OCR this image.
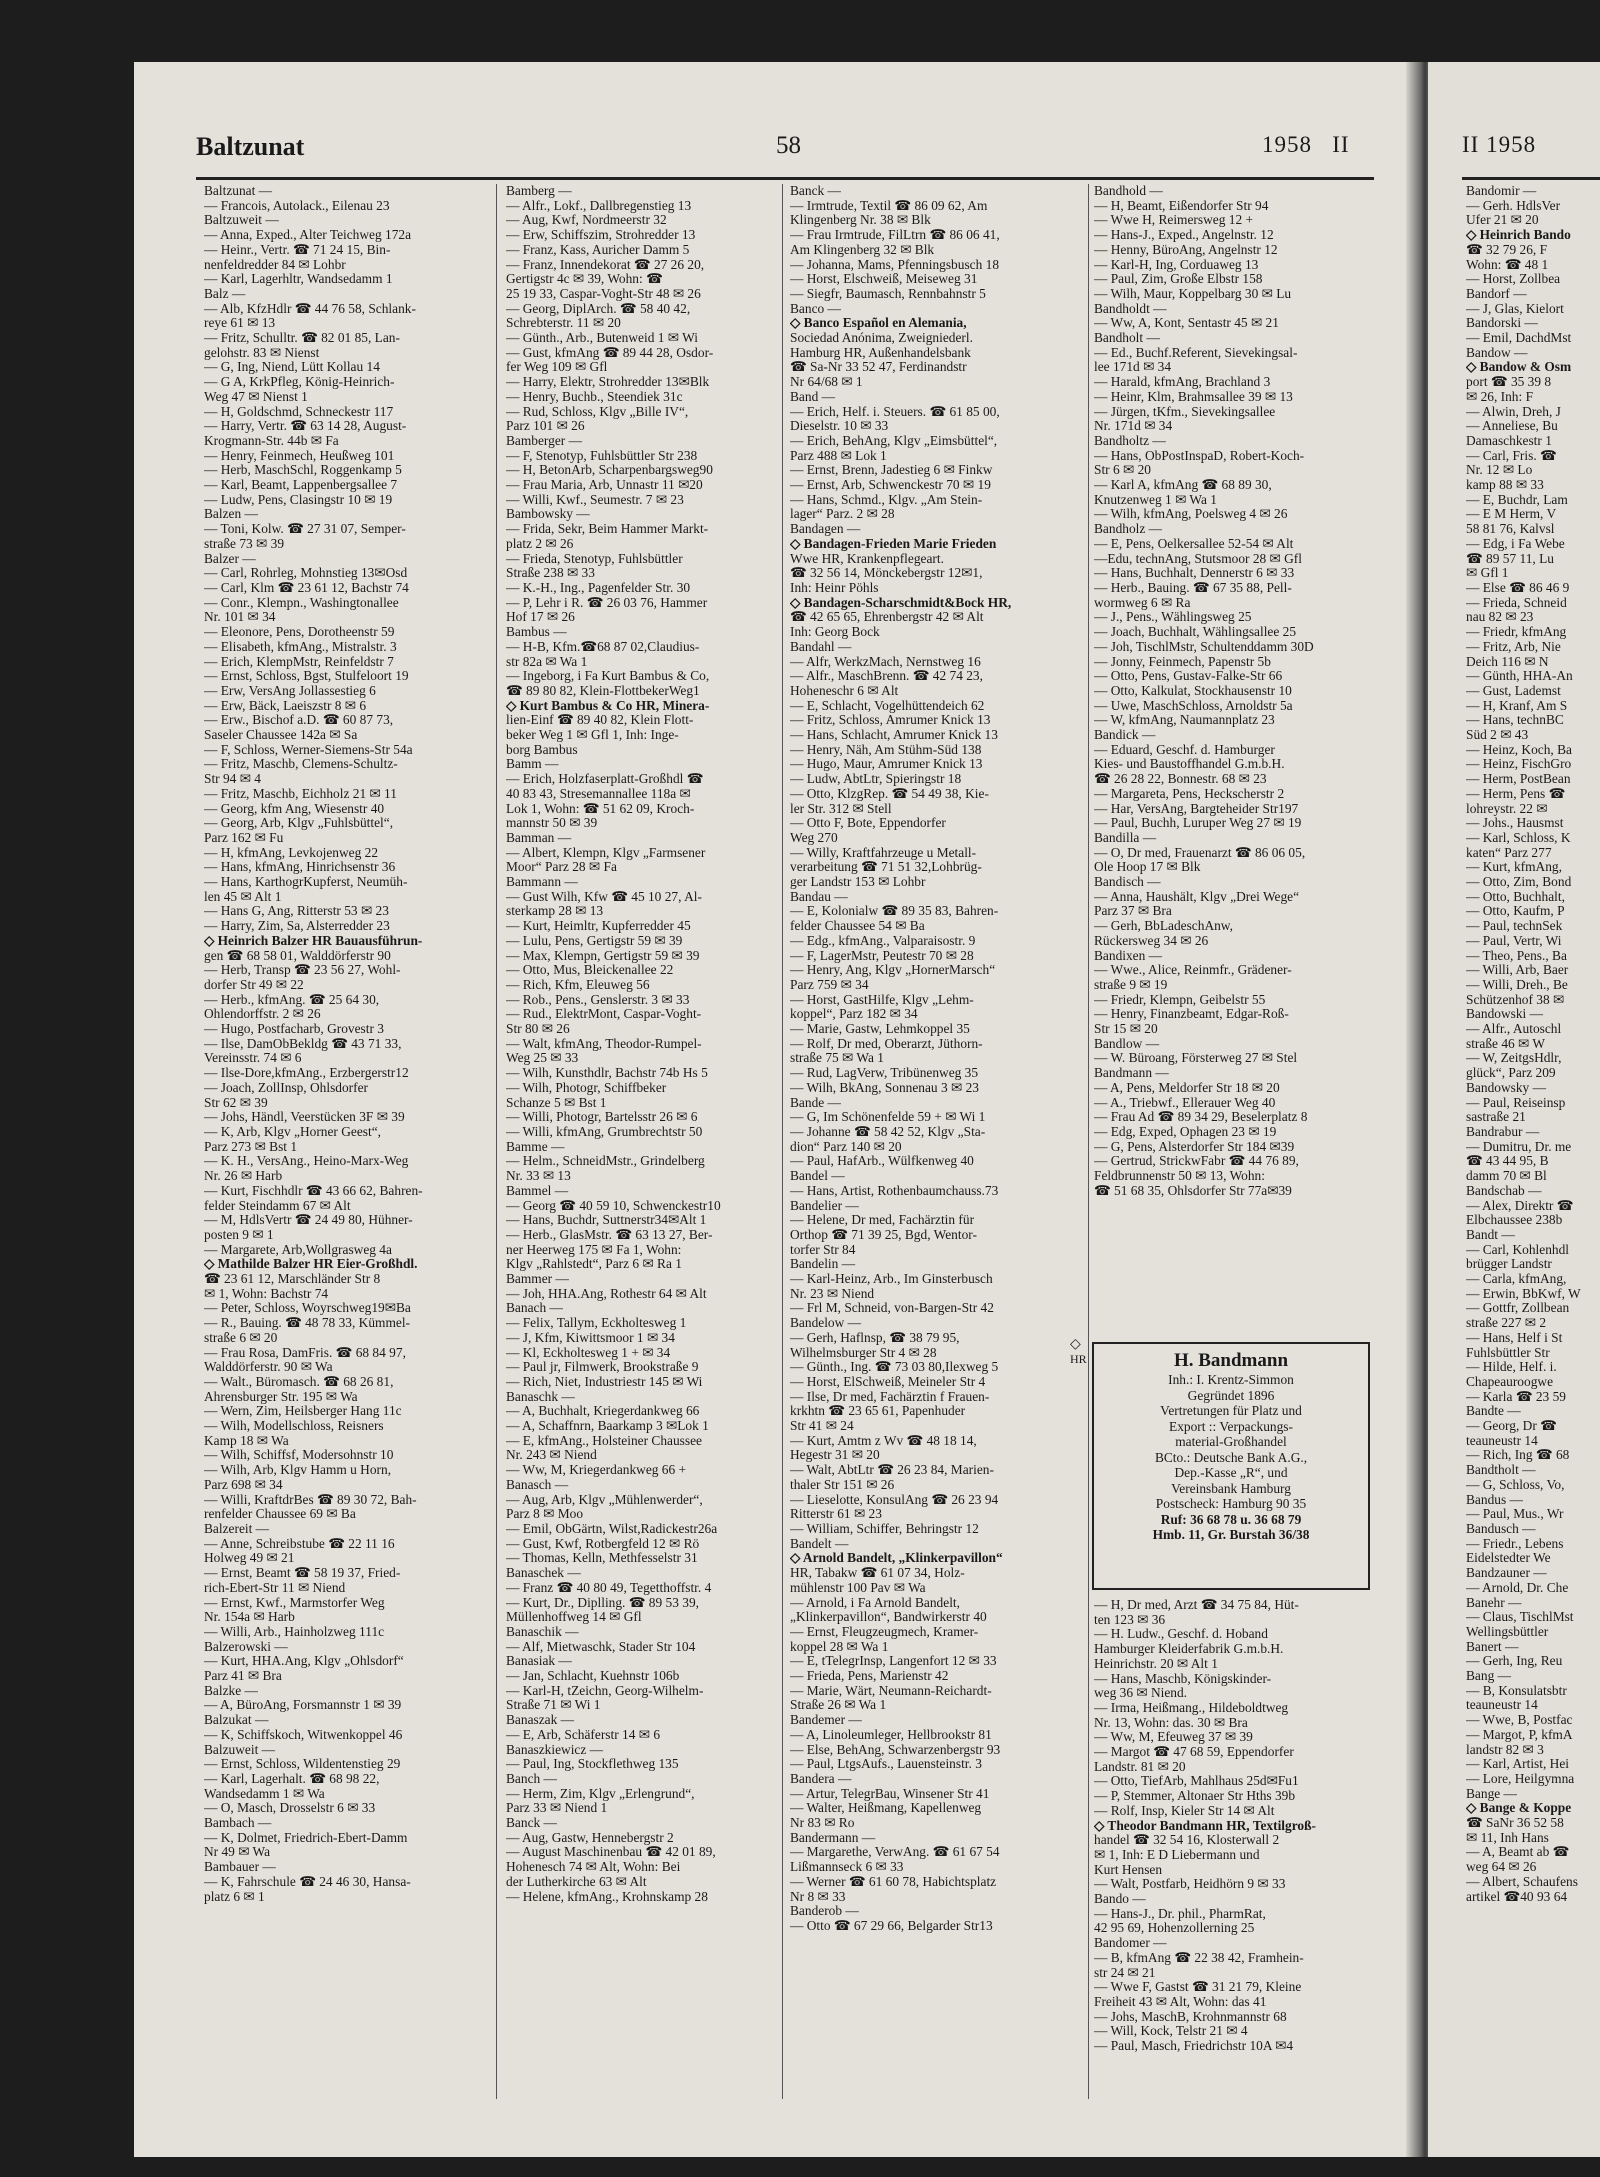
Baltzunat	58	1958 II	II 1958
Baltzunat —
— Francois, Autolack., Eilenau 23
Baltzuweit —
— Anna, Exped., Alter Teichweg 172a
— Heinr., Vertr. ☎ 71 24 15, Bin-
nenfeldredder 84 ✉ Lohbr
— Karl, Lagerhltr, Wandsedamm 1
Balz —
— Alb, KfzHdlr ☎ 44 76 58, Schlank-
reye 61 ✉ 13
— Fritz, Schulltr. ☎ 82 01 85, Lan-
gelohstr. 83 ✉ Nienst
— G, Ing, Niend, Lütt Kollau 14
— G A, KrkPfleg, König-Heinrich-
Weg 47 ✉ Nienst 1
— H, Goldschmd, Schneckestr 117
— Harry, Vertr. ☎ 63 14 28, August-
Krogmann-Str. 44b ✉ Fa
— Henry, Feinmech, Heußweg 101
— Herb, MaschSchl, Roggenkamp 5
— Karl, Beamt, Lappenbergsallee 7
— Ludw, Pens, Clasingstr 10 ✉ 19
Balzen —
— Toni, Kolw. ☎ 27 31 07, Semper-
straße 73 ✉ 39
Balzer —
— Carl, Rohrleg, Mohnstieg 13✉Osd
— Carl, Klm ☎ 23 61 12, Bachstr 74
— Conr., Klempn., Washingtonallee
Nr. 101 ✉ 34
— Eleonore, Pens, Dorotheenstr 59
— Elisabeth, kfmAng., Mistralstr. 3
— Erich, KlempMstr, Reinfeldstr 7
— Ernst, Schloss, Bgst, Stulfeloort 19
— Erw, VersAng Jollassestieg 6
— Erw, Bäck, Laeiszstr 8 ✉ 6
— Erw., Bischof a.D. ☎ 60 87 73,
Saseler Chaussee 142a ✉ Sa
— F, Schloss, Werner-Siemens-Str 54a
— Fritz, Maschb, Clemens-Schultz-
Str 94 ✉ 4
— Fritz, Maschb, Eichholz 21 ✉ 11
— Georg, kfm Ang, Wiesenstr 40
— Georg, Arb, Klgv „Fuhlsbüttel“,
Parz 162 ✉ Fu
— H, kfmAng, Levkojenweg 22
— Hans, kfmAng, Hinrichsenstr 36
— Hans, KarthogrKupferst, Neumüh-
len 45 ✉ Alt 1
— Hans G, Ang, Ritterstr 53 ✉ 23
— Harry, Zim, Sa, Alsterredder 23
◇ Heinrich Balzer HR Bauausführun-
gen ☎ 68 58 01, Walddörferstr 90
— Herb, Transp ☎ 23 56 27, Wohl-
dorfer Str 49 ✉ 22
— Herb., kfmAng. ☎ 25 64 30,
Ohlendorffstr. 2 ✉ 26
— Hugo, Postfacharb, Grovestr 3
— Ilse, DamObBekldg ☎ 43 71 33,
Vereinsstr. 74 ✉ 6
— Ilse-Dore,kfmAng., Erzbergerstr12
— Joach, ZollInsp, Ohlsdorfer
Str 62 ✉ 39
— Johs, Händl, Veerstücken 3F ✉ 39
— K, Arb, Klgv „Horner Geest“,
Parz 273 ✉ Bst 1
— K. H., VersAng., Heino-Marx-Weg
Nr. 26 ✉ Harb
— Kurt, Fischhdlr ☎ 43 66 62, Bahren-
felder Steindamm 67 ✉ Alt
— M, HdlsVertr ☎ 24 49 80, Hühner-
posten 9 ✉ 1
— Margarete, Arb,Wollgrasweg 4a
◇ Mathilde Balzer HR Eier-Großhdl.
☎ 23 61 12, Marschländer Str 8
✉ 1, Wohn: Bachstr 74
— Peter, Schloss, Woyrschweg19✉Ba
— R., Bauing. ☎ 48 78 33, Kümmel-
straße 6 ✉ 20
— Frau Rosa, DamFris. ☎ 68 84 97,
Walddörferstr. 90 ✉ Wa
— Walt., Büromasch. ☎ 68 26 81,
Ahrensburger Str. 195 ✉ Wa
— Wern, Zim, Heilsberger Hang 11c
— Wilh, Modellschloss, Reisners
Kamp 18 ✉ Wa
— Wilh, Schiffsf, Modersohnstr 10
— Wilh, Arb, Klgv Hamm u Horn,
Parz 698 ✉ 34
— Willi, KraftdrBes ☎ 89 30 72, Bah-
renfelder Chaussee 69 ✉ Ba
Balzereit —
— Anne, Schreibstube ☎ 22 11 16
Holweg 49 ✉ 21
— Ernst, Beamt ☎ 58 19 37, Fried-
rich-Ebert-Str 11 ✉ Niend
— Ernst, Kwf., Marmstorfer Weg
Nr. 154a ✉ Harb
— Willi, Arb., Hainholzweg 111c
Balzerowski —
— Kurt, HHA.Ang, Klgv „Ohlsdorf“
Parz 41 ✉ Bra
Balzke —
— A, BüroAng, Forsmannstr 1 ✉ 39
Balzukat —
— K, Schiffskoch, Witwenkoppel 46
Balzuweit —
— Ernst, Schloss, Wildentenstieg 29
— Karl, Lagerhalt. ☎ 68 98 22,
Wandsedamm 1 ✉ Wa
— O, Masch, Drosselstr 6 ✉ 33
Bambach —
— K, Dolmet, Friedrich-Ebert-Damm
Nr 49 ✉ Wa
Bambauer —
— K, Fahrschule ☎ 24 46 30, Hansa-
platz 6 ✉ 1
Bamberg —
— Alfr., Lokf., Dallbregenstieg 13
— Aug, Kwf, Nordmeerstr 32
— Erw, Schiffszim, Strohredder 13
— Franz, Kass, Auricher Damm 5
— Franz, Innendekorat ☎ 27 26 20,
Gertigstr 4c ✉ 39, Wohn: ☎
25 19 33, Caspar-Voght-Str 48 ✉ 26
— Georg, DiplArch. ☎ 58 40 42,
Schrebterstr. 11 ✉ 20
— Günth., Arb., Butenweid 1 ✉ Wi
— Gust, kfmAng ☎ 89 44 28, Osdor-
fer Weg 109 ✉ Gfl
— Harry, Elektr, Strohredder 13✉Blk
— Henry, Buchb., Steendiek 31c
— Rud, Schloss, Klgv „Bille IV“,
Parz 101 ✉ 26
Bamberger —
— F, Stenotyp, Fuhlsbüttler Str 238
— H, BetonArb, Scharpenbargsweg90
— Frau Maria, Arb, Unnastr 11 ✉20
— Willi, Kwf., Seumestr. 7 ✉ 23
Bambowsky —
— Frida, Sekr, Beim Hammer Markt-
platz 2 ✉ 26
— Frieda, Stenotyp, Fuhlsbüttler
Straße 238 ✉ 33
— K.-H., Ing., Pagenfelder Str. 30
— P, Lehr i R. ☎ 26 03 76, Hammer
Hof 17 ✉ 26
Bambus —
— H-B, Kfm.☎68 87 02,Claudius-
str 82a ✉ Wa 1
— Ingeborg, i Fa Kurt Bambus & Co,
☎ 89 80 82, Klein-FlottbekerWeg1
◇ Kurt Bambus & Co HR, Minera-
lien-Einf ☎ 89 40 82, Klein Flott-
beker Weg 1 ✉ Gfl 1, Inh: Inge-
borg Bambus
Bamm —
— Erich, Holzfaserplatt-Großhdl ☎
40 83 43, Stresemannallee 118a ✉
Lok 1, Wohn: ☎ 51 62 09, Kroch-
mannstr 50 ✉ 39
Bamman —
— Albert, Klempn, Klgv „Farmsener
Moor“ Parz 28 ✉ Fa
Bammann —
— Gust Wilh, Kfw ☎ 45 10 27, Al-
sterkamp 28 ✉ 13
— Kurt, Heimltr, Kupferredder 45
— Lulu, Pens, Gertigstr 59 ✉ 39
— Max, Klempn, Gertigstr 59 ✉ 39
— Otto, Mus, Bleickenallee 22
— Rich, Kfm, Eleuweg 56
— Rob., Pens., Genslerstr. 3 ✉ 33
— Rud., ElektrMont, Caspar-Voght-
Str 80 ✉ 26
— Walt, kfmAng, Theodor-Rumpel-
Weg 25 ✉ 33
— Wilh, Kunsthdlr, Bachstr 74b Hs 5
— Wilh, Photogr, Schiffbeker
Schanze 5 ✉ Bst 1
— Willi, Photogr, Bartelsstr 26 ✉ 6
— Willi, kfmAng, Grumbrechtstr 50
Bamme —
— Helm., SchneidMstr., Grindelberg
Nr. 33 ✉ 13
Bammel —
— Georg ☎ 40 59 10, Schwenckestr10
— Hans, Buchdr, Suttnerstr34✉Alt 1
— Herb., GlasMstr. ☎ 63 13 27, Ber-
ner Heerweg 175 ✉ Fa 1, Wohn:
Klgv „Rahlstedt“, Parz 6 ✉ Ra 1
Bammer —
— Joh, HHA.Ang, Rothestr 64 ✉ Alt
Banach —
— Felix, Tallym, Eckholtesweg 1
— J, Kfm, Kiwittsmoor 1 ✉ 34
— Kl, Eckholtesweg 1 + ✉ 34
— Paul jr, Filmwerk, Brookstraße 9
— Rich, Niet, Industriestr 145 ✉ Wi
Banaschk —
— A, Buchhalt, Kriegerdankweg 66
— A, Schaffnrn, Baarkamp 3 ✉Lok 1
— E, kfmAng., Holsteiner Chaussee
Nr. 243 ✉ Niend
— Ww, M, Kriegerdankweg 66 +
Banasch —
— Aug, Arb, Klgv „Mühlenwerder“,
Parz 8 ✉ Moo
— Emil, ObGärtn, Wilst,Radickestr26a
— Gust, Kwf, Rotbergfeld 12 ✉ Rö
— Thomas, Kelln, Methfesselstr 31
Banaschek —
— Franz ☎ 40 80 49, Tegetthoffstr. 4
— Kurt, Dr., Diplling. ☎ 89 53 39,
Müllenhoffweg 14 ✉ Gfl
Banaschik —
— Alf, Mietwaschk, Stader Str 104
Banasiak —
— Jan, Schlacht, Kuehnstr 106b
— Karl-H, tZeichn, Georg-Wilhelm-
Straße 71 ✉ Wi 1
Banaszak —
— E, Arb, Schäferstr 14 ✉ 6
Banaszkiewicz —
— Paul, Ing, Stockflethweg 135
Banch —
— Herm, Zim, Klgv „Erlengrund“,
Parz 33 ✉ Niend 1
Banck —
— Aug, Gastw, Hennebergstr 2
— August Maschinenbau ☎ 42 01 89,
Hohenesch 74 ✉ Alt, Wohn: Bei
der Lutherkirche 63 ✉ Alt
— Helene, kfmAng., Krohnskamp 28
Banck —
— Irmtrude, Textil ☎ 86 09 62, Am
Klingenberg Nr. 38 ✉ Blk
— Frau Irmtrude, FilLtrn ☎ 86 06 41,
Am Klingenberg 32 ✉ Blk
— Johanna, Mams, Pfenningsbusch 18
— Horst, Elschweiß, Meiseweg 31
— Siegfr, Baumasch, Rennbahnstr 5
Banco —
◇ Banco Español en Alemania,
Sociedad Anónima, Zweigniederl.
Hamburg HR, Außenhandelsbank
☎ Sa-Nr 33 52 47, Ferdinandstr
Nr 64/68 ✉ 1
Band —
— Erich, Helf. i. Steuers. ☎ 61 85 00,
Dieselstr. 10 ✉ 33
— Erich, BehAng, Klgv „Eimsbüttel“,
Parz 488 ✉ Lok 1
— Ernst, Brenn, Jadestieg 6 ✉ Finkw
— Ernst, Arb, Schwenckestr 70 ✉ 19
— Hans, Schmd., Klgv. „Am Stein-
lager“ Parz. 2 ✉ 28
Bandagen —
◇ Bandagen-Frieden Marie Frieden
Wwe HR, Krankenpflegeart.
☎ 32 56 14, Mönckebergstr 12✉1,
Inh: Heinr Pöhls
◇ Bandagen-Scharschmidt&Bock HR,
☎ 42 65 65, Ehrenbergstr 42 ✉ Alt
Inh: Georg Bock
Bandahl —
— Alfr, WerkzMach, Nernstweg 16
— Alfr., MaschBrenn. ☎ 42 74 23,
Hoheneschr 6 ✉ Alt
— E, Schlacht, Vogelhüttendeich 62
— Fritz, Schloss, Amrumer Knick 13
— Hans, Schlacht, Amrumer Knick 13
— Henry, Näh, Am Stühm-Süd 138
— Hugo, Maur, Amrumer Knick 13
— Ludw, AbtLtr, Spieringstr 18
— Otto, KlzgRep. ☎ 54 49 38, Kie-
ler Str. 312 ✉ Stell
— Otto F, Bote, Eppendorfer
Weg 270
— Willy, Kraftfahrzeuge u Metall-
verarbeitung ☎ 71 51 32,Lohbrüg-
ger Landstr 153 ✉ Lohbr
Bandau —
— E, Kolonialw ☎ 89 35 83, Bahren-
felder Chaussee 54 ✉ Ba
— Edg., kfmAng., Valparaisostr. 9
— F, LagerMstr, Peutestr 70 ✉ 28
— Henry, Ang, Klgv „HornerMarsch“
Parz 759 ✉ 34
— Horst, GastHilfe, Klgv „Lehm-
koppel“, Parz 182 ✉ 34
— Marie, Gastw, Lehmkoppel 35
— Rolf, Dr med, Oberarzt, Jüthorn-
straße 75 ✉ Wa 1
— Rud, LagVerw, Tribünenweg 35
— Wilh, BkAng, Sonnenau 3 ✉ 23
Bande —
— G, Im Schönenfelde 59 + ✉ Wi 1
— Johanne ☎ 58 42 52, Klgv „Sta-
dion“ Parz 140 ✉ 20
— Paul, HafArb., Wülfkenweg 40
Bandel —
— Hans, Artist, Rothenbaumchauss.73
Bandelier —
— Helene, Dr med, Fachärztin für
Orthop ☎ 71 39 25, Bgd, Wentor-
torfer Str 84
Bandelin —
— Karl-Heinz, Arb., Im Ginsterbusch
Nr. 23 ✉ Niend
— Frl M, Schneid, von-Bargen-Str 42
Bandelow —
— Gerh, Haflnsp, ☎ 38 79 95,
Wilhelmsburger Str 4 ✉ 28
— Günth., Ing. ☎ 73 03 80,Ilexweg 5
— Horst, ElSchweiß, Meineler Str 4
— Ilse, Dr med, Fachärztin f Frauen-
krkhtn ☎ 23 65 61, Papenhuder
Str 41 ✉ 24
— Kurt, Amtm z Wv ☎ 48 18 14,
Hegestr 31 ✉ 20
— Walt, AbtLtr ☎ 26 23 84, Marien-
thaler Str 151 ✉ 26
— Lieselotte, KonsulAng ☎ 26 23 94
Ritterstr 61 ✉ 23
— William, Schiffer, Behringstr 12
Bandelt —
◇ Arnold Bandelt, „Klinkerpavillon“
HR, Tabakw ☎ 61 07 34, Holz-
mühlenstr 100 Pav ✉ Wa
— Arnold, i Fa Arnold Bandelt,
„Klinkerpavillon“, Bandwirkerstr 40
— Ernst, Fleugzeugmech, Kramer-
koppel 28 ✉ Wa 1
— E, tTelegrInsp, Langenfort 12 ✉ 33
— Frieda, Pens, Marienstr 42
— Marie, Wärt, Neumann-Reichardt-
Straße 26 ✉ Wa 1
Bandemer —
— A, Linoleumleger, Hellbrookstr 81
— Else, BehAng, Schwarzenbergstr 93
— Paul, LtgsAufs., Lauensteinstr. 3
Bandera —
— Artur, TelegrBau, Winsener Str 41
— Walter, Heißmang, Kapellenweg
Nr 83 ✉ Ro
Bandermann —
— Margarethe, VerwAng. ☎ 61 67 54
Lißmannseck 6 ✉ 33
— Werner ☎ 61 60 78, Habichtsplatz
Nr 8 ✉ 33
Banderob —
— Otto ☎ 67 29 66, Belgarder Str13
Bandhold —
— H, Beamt, Eißendorfer Str 94
— Wwe H, Reimersweg 12 +
— Hans-J., Exped., Angelnstr. 12
— Henny, BüroAng, Angelnstr 12
— Karl-H, Ing, Corduaweg 13
— Paul, Zim, Große Elbstr 158
— Wilh, Maur, Koppelbarg 30 ✉ Lu
Bandholdt —
— Ww, A, Kont, Sentastr 45 ✉ 21
Bandholt —
— Ed., Buchf.Referent, Sievekingsal-
lee 171d ✉ 34
— Harald, kfmAng, Brachland 3
— Heinr, Klm, Brahmsallee 39 ✉ 13
— Jürgen, tKfm., Sievekingsallee
Nr. 171d ✉ 34
Bandholtz —
— Hans, ObPostInspaD, Robert-Koch-
Str 6 ✉ 20
— Karl A, kfmAng ☎ 68 89 30,
Knutzenweg 1 ✉ Wa 1
— Wilh, kfmAng, Poelsweg 4 ✉ 26
Bandholz —
— E, Pens, Oelkersallee 52-54 ✉ Alt
—Edu, technAng, Stutsmoor 28 ✉ Gfl
— Hans, Buchhalt, Dennerstr 6 ✉ 33
— Herb., Bauing. ☎ 67 35 88, Pell-
wormweg 6 ✉ Ra
— J., Pens., Wählingsweg 25
— Joach, Buchhalt, Wählingsallee 25
— Joh, TischlMstr, Schultenddamm 30D
— Jonny, Feinmech, Papenstr 5b
— Otto, Pens, Gustav-Falke-Str 66
— Otto, Kalkulat, Stockhausenstr 10
— Uwe, MaschSchloss, Arnoldstr 5a
— W, kfmAng, Naumannplatz 23
Bandick —
— Eduard, Geschf. d. Hamburger
Kies- und Baustoffhandel G.m.b.H.
☎ 26 28 22, Bonnestr. 68 ✉ 23
— Margareta, Pens, Heckscherstr 2
— Har, VersAng, Bargteheider Str197
— Paul, Buchh, Luruper Weg 27 ✉ 19
Bandilla —
— O, Dr med, Frauenarzt ☎ 86 06 05,
Ole Hoop 17 ✉ Blk
Bandisch —
— Anna, Haushält, Klgv „Drei Wege“
Parz 37 ✉ Bra
— Gerh, BbLadeschAnw,
Rückersweg 34 ✉ 26
Bandixen —
— Wwe., Alice, Reinmfr., Grädener-
straße 9 ✉ 19
— Friedr, Klempn, Geibelstr 55
— Henry, Finanzbeamt, Edgar-Roß-
Str 15 ✉ 20
Bandlow —
— W. Büroang, Försterweg 27 ✉ Stel
Bandmann —
— A, Pens, Meldorfer Str 18 ✉ 20
— A., Triebwf., Ellerauer Weg 40
— Frau Ad ☎ 89 34 29, Beselerplatz 8
— Edg, Exped, Ophagen 23 ✉ 19
— G, Pens, Alsterdorfer Str 184 ✉39
— Gertrud, StrickwFabr ☎ 44 76 89,
Feldbrunnenstr 50 ✉ 13, Wohn:
☎ 51 68 35, Ohlsdorfer Str 77a✉39
◇
HR	H. Bandmann
Inh.: I. Krentz-Simmon
Gegründet 1896
Vertretungen für Platz und
Export :: Verpackungs-
material-Großhandel
BCto.: Deutsche Bank A.G.,
Dep.-Kasse „R“, und
Vereinsbank Hamburg
Postscheck: Hamburg 90 35
Ruf: 36 68 78 u. 36 68 79
Hmb. 11, Gr. Burstah 36/38
— H, Dr med, Arzt ☎ 34 75 84, Hüt-
ten 123 ✉ 36
— H. Ludw., Geschf. d. Hoband
Hamburger Kleiderfabrik G.m.b.H.
Heinrichstr. 20 ✉ Alt 1
— Hans, Maschb, Königskinder-
weg 36 ✉ Niend.
— Irma, Heißmang., Hildeboldtweg
Nr. 13, Wohn: das. 30 ✉ Bra
— Ww, M, Efeuweg 37 ✉ 39
— Margot ☎ 47 68 59, Eppendorfer
Landstr. 81 ✉ 20
— Otto, TiefArb, Mahlhaus 25d✉Fu1
— P, Stemmer, Altonaer Str Hths 39b
— Rolf, Insp, Kieler Str 14 ✉ Alt
◇ Theodor Bandmann HR, Textilgroß-
handel ☎ 32 54 16, Klosterwall 2
✉ 1, Inh: E D Liebermann und
Kurt Hensen
— Walt, Postfarb, Heidhörn 9 ✉ 33
Bando —
— Hans-J., Dr. phil., PharmRat,
42 95 69, Hohenzollerning 25
Bandomer —
— B, kfmAng ☎ 22 38 42, Framhein-
str 24 ✉ 21
— Wwe F, Gastst ☎ 31 21 79, Kleine
Freiheit 43 ✉ Alt, Wohn: das 41
— Johs, MaschB, Krohnmannstr 68
— Will, Kock, Telstr 21 ✉ 4
— Paul, Masch, Friedrichstr 10A ✉4
Bandomir —
— Gerh. HdlsVer
Ufer 21 ✉ 20
◇ Heinrich Bando
☎ 32 79 26, F
Wohn: ☎ 48 1
— Horst, Zollbea
Bandorf —
— J, Glas, Kielort
Bandorski —
— Emil, DachdMst
Bandow —
◇ Bandow & Osm
port ☎ 35 39 8
✉ 26, Inh: F
— Alwin, Dreh, J
— Anneliese, Bu
Damaschkestr 1
— Carl, Fris. ☎
Nr. 12 ✉ Lo
kamp 88 ✉ 33
— E, Buchdr, Lam
— E M Herm, V
58 81 76, Kalvsl
— Edg, i Fa Webe
☎ 89 57 11, Lu
✉ Gfl 1
— Else ☎ 86 46 9
— Frieda, Schneid
nau 82 ✉ 23
— Friedr, kfmAng
— Fritz, Arb, Nie
Deich 116 ✉ N
— Günth, HHA-An
— Gust, Lademst
— H, Kranf, Am S
— Hans, technBC
Süd 2 ✉ 43
— Heinz, Koch, Ba
— Heinz, FischGro
— Herm, PostBean
— Herm, Pens ☎
lohreystr. 22 ✉
— Johs., Hausmst
— Karl, Schloss, K
katen“ Parz 277
— Kurt, kfmAng,
— Otto, Zim, Bond
— Otto, Buchhalt,
— Otto, Kaufm, P
— Paul, technSek
— Paul, Vertr, Wi
— Theo, Pens., Ba
— Willi, Arb, Baer
— Willi, Dreh., Be
Schützenhof 38 ✉
Bandowski —
— Alfr., Autoschl
straße 46 ✉ W
— W, ZeitgsHdlr,
glück“, Parz 209
Bandowsky —
— Paul, Reiseinsp
sastraße 21
Bandrabur —
— Dumitru, Dr. me
☎ 43 44 95, B
damm 70 ✉ Bl
Bandschab —
— Alex, Direktr ☎
Elbchaussee 238b
Bandt —
— Carl, Kohlenhdl
brügger Landstr
— Carla, kfmAng,
— Erwin, BbKwf, W
— Gottfr, Zollbean
straße 227 ✉ 2
— Hans, Helf i St
Fuhlsbüttler Str
— Hilde, Helf. i.
Chapeauroogwe
— Karla ☎ 23 59
Bandte —
— Georg, Dr ☎
teauneustr 14
— Rich, Ing ☎ 68
Bandtholt —
— G, Schloss, Vo,
Bandus —
— Paul, Mus., Wr
Bandusch —
— Friedr., Lebens
Eidelstedter We
Bandzauner —
— Arnold, Dr. Che
Banehr —
— Claus, TischlMst
Wellingsbüttler
Banert —
— Gerh, Ing, Reu
Bang —
— B, Konsulatsbtr
teauneustr 14
— Wwe, B, Postfac
— Margot, P, kfmA
landstr 82 ✉ 3
— Karl, Artist, Hei
— Lore, Heilgymna
Bange —
◇ Bange & Koppe
☎ SaNr 36 52 58
✉ 11, Inh Hans
— A, Beamt ab ☎
weg 64 ✉ 26
— Albert, Schaufens
artikel ☎40 93 64
